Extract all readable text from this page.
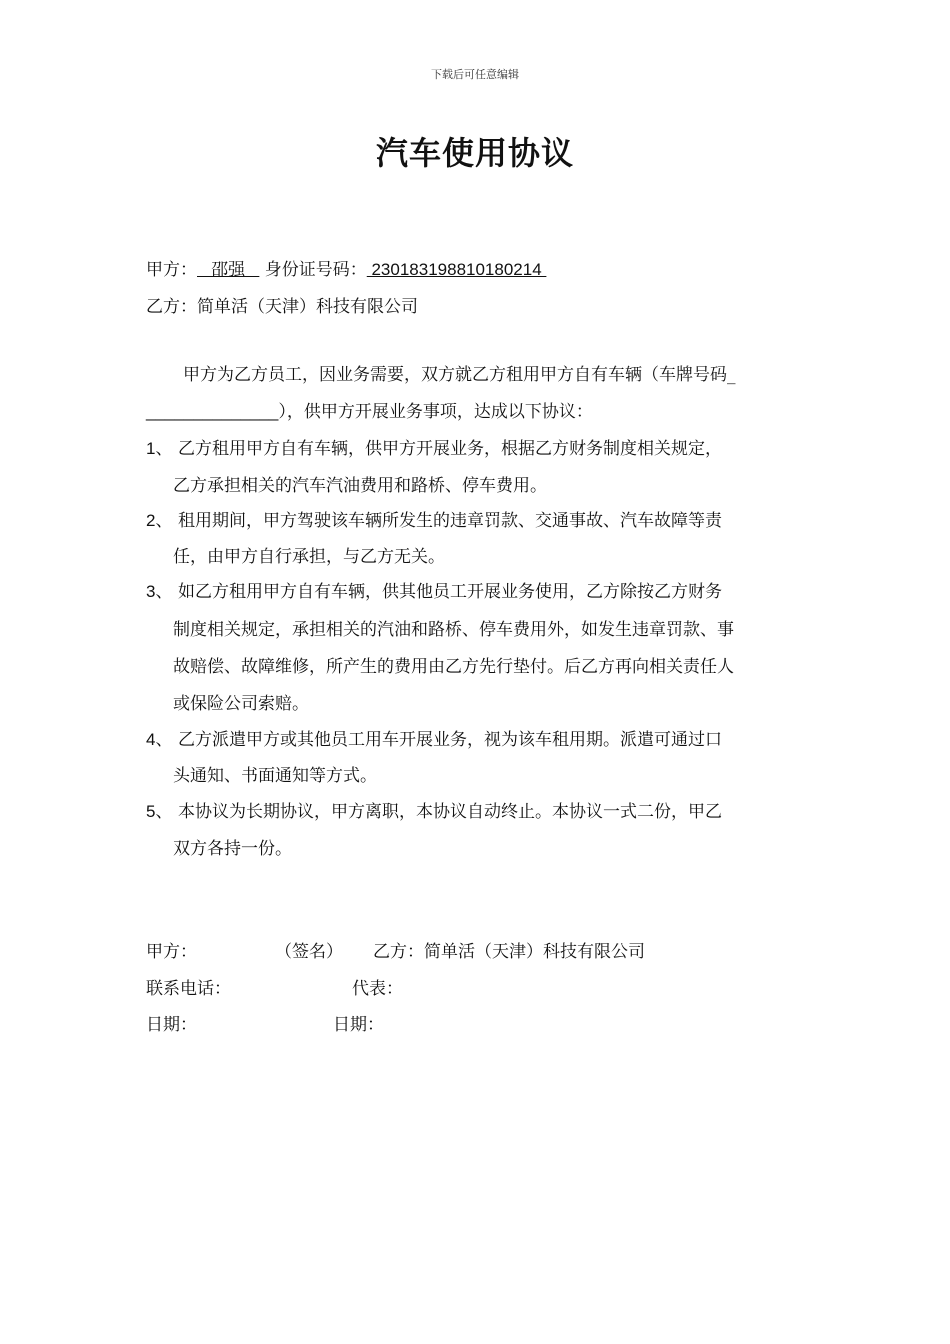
下载后可任意编辑
汽车使用协议
甲方：   邵强    身份证号码： 230183198810180214
乙方：简单活（天津）科技有限公司
甲方为乙方员工，因业务需要，双方就乙方租用甲方自有车辆（车牌号码_
______________），供甲方开展业务事项，达成以下协议：
1、 乙方租用甲方自有车辆，供甲方开展业务，根据乙方财务制度相关规定，
乙方承担相关的汽车汽油费用和路桥、停车费用。
2、 租用期间，甲方驾驶该车辆所发生的违章罚款、交通事故、汽车故障等责
任，由甲方自行承担，与乙方无关。
3、 如乙方租用甲方自有车辆，供其他员工开展业务使用，乙方除按乙方财务
制度相关规定，承担相关的汽油和路桥、停车费用外，如发生违章罚款、事
故赔偿、故障维修，所产生的费用由乙方先行垫付。后乙方再向相关责任人
或保险公司索赔。
4、 乙方派遣甲方或其他员工用车开展业务，视为该车租用期。派遣可通过口
头通知、书面通知等方式。
5、 本协议为长期协议，甲方离职，本协议自动终止。本协议一式二份，甲乙
双方各持一份。
甲方：	（签名） 乙方：简单活（天津）科技有限公司
联系电话：	代表：
日期：	日期：
